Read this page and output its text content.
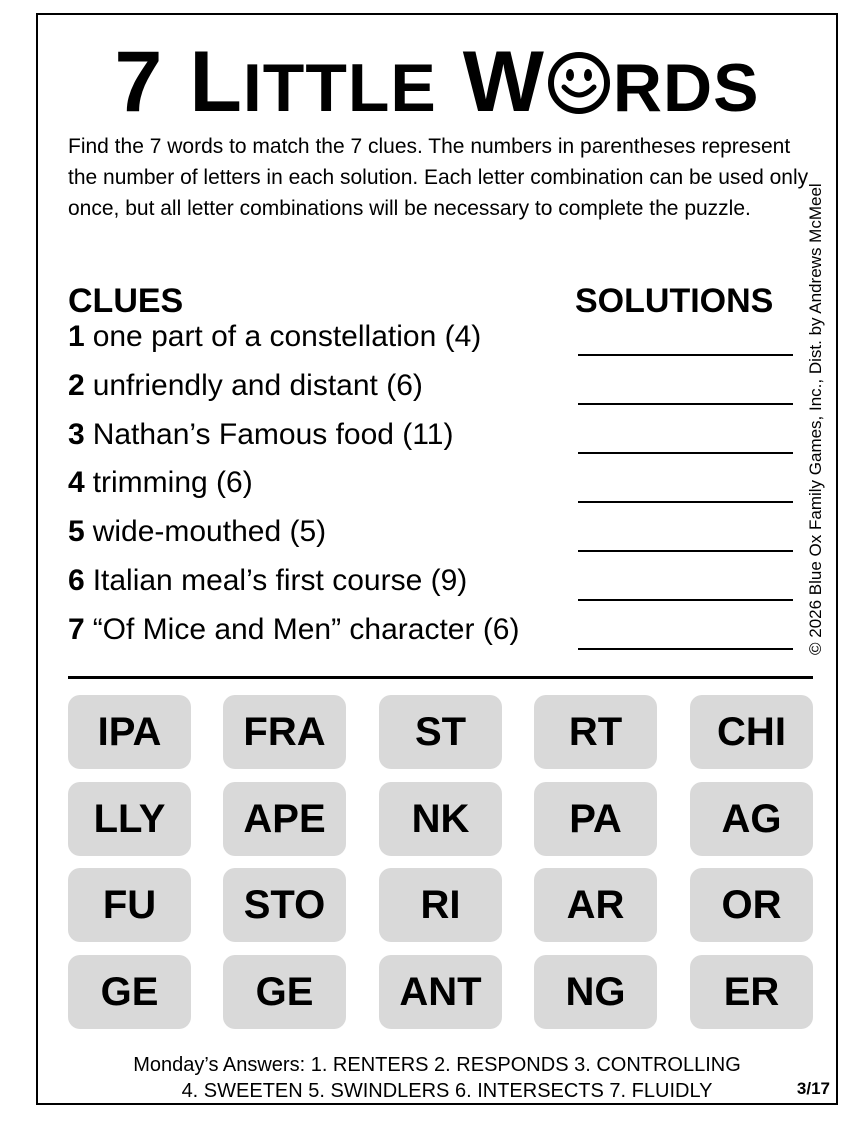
7 L ITTLE W RDS

Find the 7 words to match the 7 clues. The numbers in parentheses represent the number of letters in each solution. Each letter combination can be used only once, but all letter combinations will be necessary to complete the puzzle.	© 2026 Blue Ox Family Games, Inc., Dist. by Andrews McMeel
CLUES	SOLUTIONS
1 one part of a constellation (4)
2 unfriendly and distant (6)
3 Nathan’s Famous food (11)
4 trimming (6)
5 wide-mouthed (5)
6 Italian meal’s first course (9)
7 “Of Mice and Men” character (6)
IPA	FRA	ST	RT	CHI
LLY	APE	NK	PA	AG
FU	STO	RI	AR	OR
GE	GE	ANT	NG	ER
Monday’s Answers: 1. RENTERS 2. RESPONDS 3. CONTROLLING
4. SWEETEN 5. SWINDLERS 6. INTERSECTS 7. FLUIDLY	3/17
